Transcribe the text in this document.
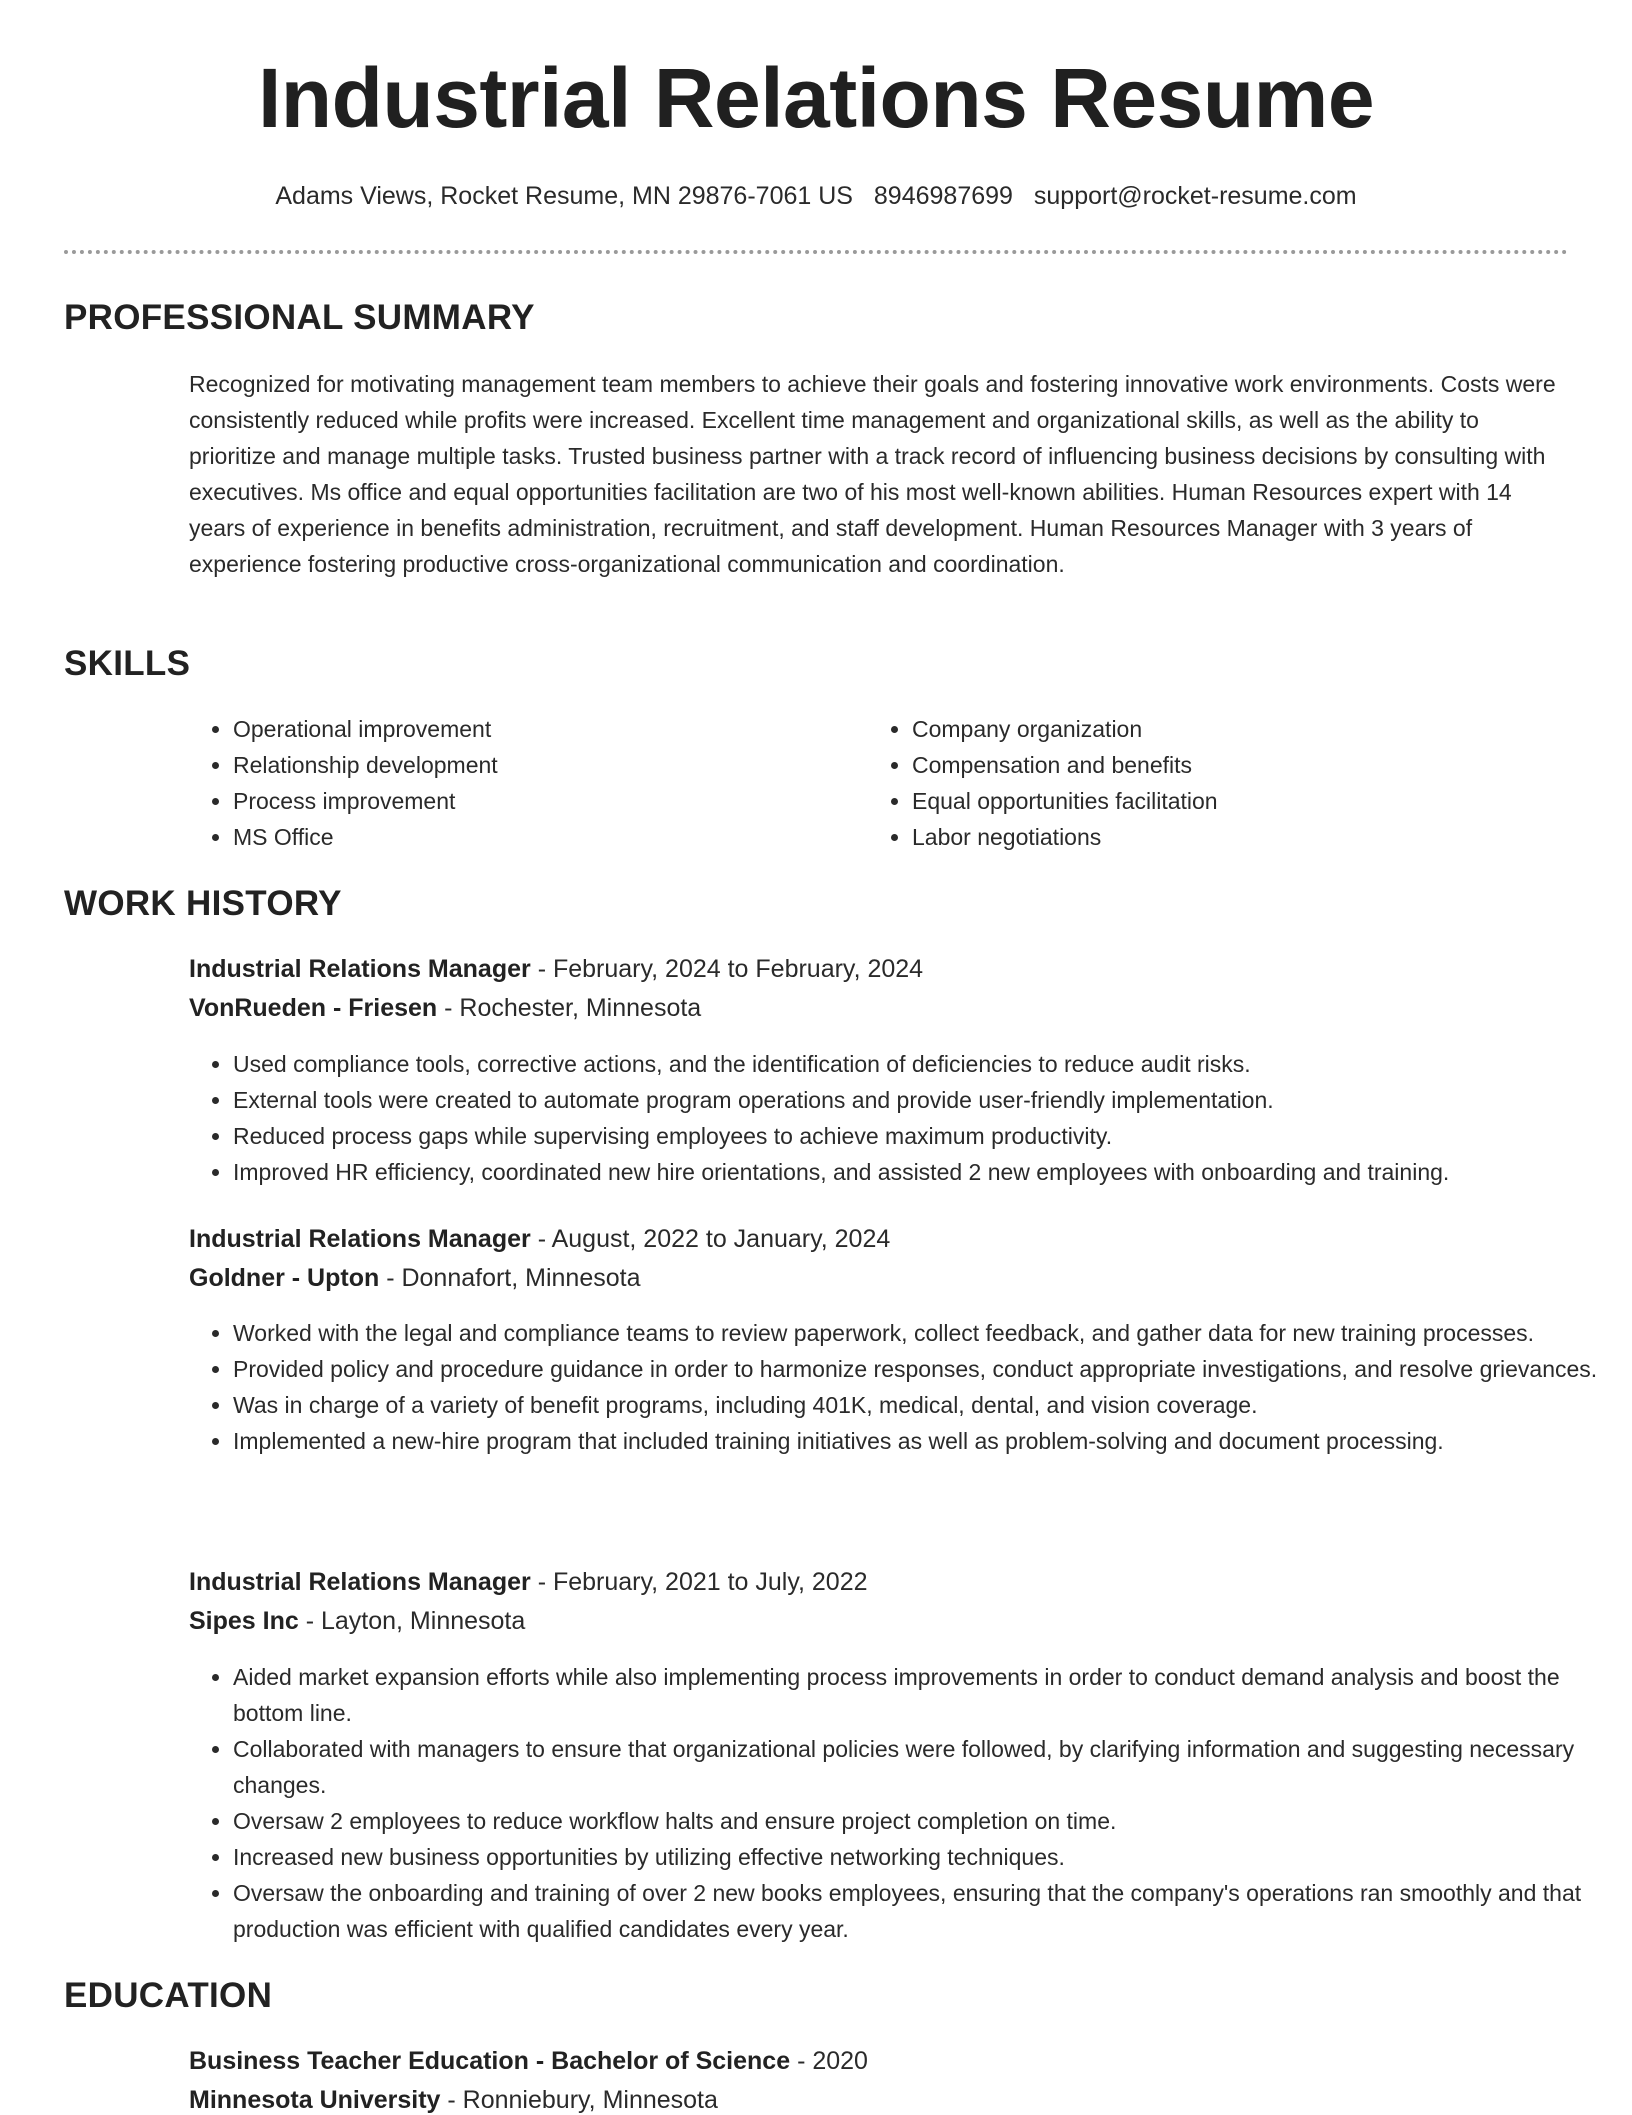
Industrial Relations Resume
Adams Views, Rocket Resume, MN 29876-7061 US 8946987699 support@rocket-resume.com
PROFESSIONAL SUMMARY

Recognized for motivating management team members to achieve their goals and fostering innovative work environments. Costs were consistently reduced while profits were increased. Excellent time management and organizational skills, as well as the ability to prioritize and manage multiple tasks. Trusted business partner with a track record of influencing business decisions by consulting with executives. Ms office and equal opportunities facilitation are two of his most well-known abilities. Human Resources expert with 14 years of experience in benefits administration, recruitment, and staff development. Human Resources Manager with 3 years of experience fostering productive cross-organizational communication and coordination.

SKILLS
• Operational improvement
• Relationship development
• Process improvement
• MS Office
• Company organization
• Compensation and benefits
• Equal opportunities facilitation
• Labor negotiations
WORK HISTORY
Industrial Relations Manager - February, 2024 to February, 2024
VonRueden - Friesen - Rochester, Minnesota
• Used compliance tools, corrective actions, and the identification of deficiencies to reduce audit risks.
• External tools were created to automate program operations and provide user-friendly implementation.
• Reduced process gaps while supervising employees to achieve maximum productivity.
• Improved HR efficiency, coordinated new hire orientations, and assisted 2 new employees with onboarding and training.
Industrial Relations Manager - August, 2022 to January, 2024
Goldner - Upton - Donnafort, Minnesota
• Worked with the legal and compliance teams to review paperwork, collect feedback, and gather data for new training processes.
• Provided policy and procedure guidance in order to harmonize responses, conduct appropriate investigations, and resolve grievances.
• Was in charge of a variety of benefit programs, including 401K, medical, dental, and vision coverage.
• Implemented a new-hire program that included training initiatives as well as problem-solving and document processing.
Industrial Relations Manager - February, 2021 to July, 2022
Sipes Inc - Layton, Minnesota
• Aided market expansion efforts while also implementing process improvements in order to conduct demand analysis and boost the bottom line.
• Collaborated with managers to ensure that organizational policies were followed, by clarifying information and suggesting necessary changes.
• Oversaw 2 employees to reduce workflow halts and ensure project completion on time.
• Increased new business opportunities by utilizing effective networking techniques.
• Oversaw the onboarding and training of over 2 new books employees, ensuring that the company's operations ran smoothly and that production was efficient with qualified candidates every year.
EDUCATION
Business Teacher Education - Bachelor of Science - 2020
Minnesota University - Ronniebury, Minnesota
